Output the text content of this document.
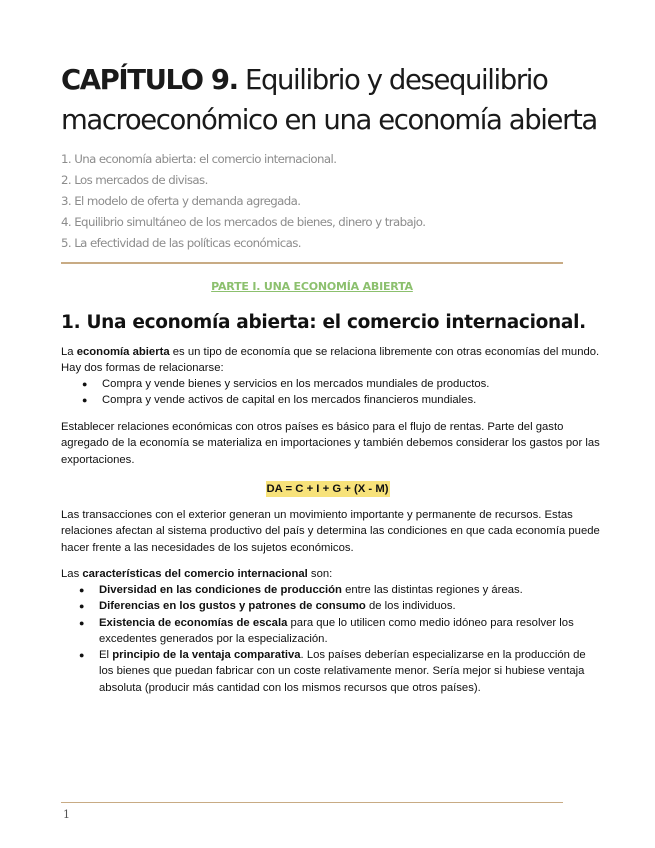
CAPÍTULO 9. Equilibrio y desequilibrio macroeconómico en una economía abierta
1. Una economía abierta: el comercio internacional.
2. Los mercados de divisas.
3. El modelo de oferta y demanda agregada.
4. Equilibrio simultáneo de los mercados de bienes, dinero y trabajo.
5. La efectividad de las políticas económicas.
PARTE I. UNA ECONOMÍA ABIERTA
1. Una economía abierta: el comercio internacional.

La economía abierta es un tipo de economía que se relaciona libremente con otras economías del mundo. Hay dos formas de relacionarse:

● Compra y vende bienes y servicios en los mercados mundiales de productos.
● Compra y vende activos de capital en los mercados financieros mundiales.

Establecer relaciones económicas con otros países es básico para el flujo de rentas. Parte del gasto agregado de la economía se materializa en importaciones y también debemos considerar los gastos por las exportaciones.

DA = C + I + G + (X - M)

Las transacciones con el exterior generan un movimiento importante y permanente de recursos. Estas relaciones afectan al sistema productivo del país y determina las condiciones en que cada economía puede hacer frente a las necesidades de los sujetos económicos.

Las características del comercio internacional son:

● Diversidad en las condiciones de producción entre las distintas regiones y áreas.
● Diferencias en los gustos y patrones de consumo de los individuos.
● Existencia de economías de escala para que lo utilicen como medio idóneo para resolver los excedentes generados por la especialización.
● El principio de la ventaja comparativa. Los países deberían especializarse en la producción de los bienes que puedan fabricar con un coste relativamente menor. Sería mejor si hubiese ventaja absoluta (producir más cantidad con los mismos recursos que otros países).
1
